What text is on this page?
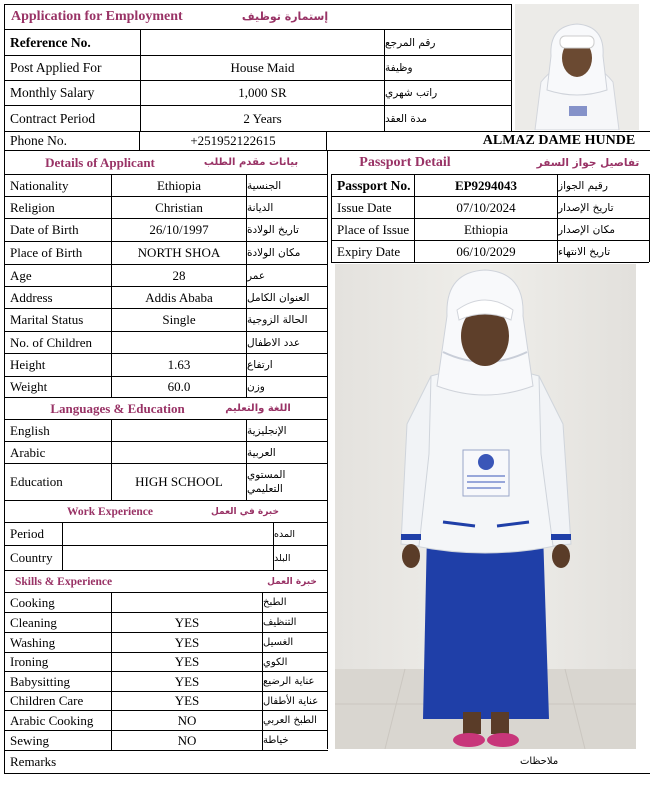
Application for Employment	إستمارة توظيف
Reference No.	رقم المرجع
Post Applied For	House Maid	وظيفة
Monthly Salary	1,000 SR	راتب شهري
Contract Period	2 Years	مدة العقد
Phone No.	+251952122615	ALMAZ DAME HUNDE
Details of Applicant	بيانات مقدم الطلب
Nationality	Ethiopia	الجنسية
Religion	Christian	الديانة
Date of Birth	26/10/1997	تاريخ الولادة
Place of Birth	NORTH SHOA	مكان الولادة
Age	28	عمر
Address	Addis Ababa	العنوان الكامل
Marital Status	Single	الحالة الزوجية
No. of Children	عدد الاطفال
Height	1.63	ارتفاع
Weight	60.0	وزن
Languages & Education	اللغة والتعليم
English	الإنجليزية
Arabic	العربية
Education	HIGH SCHOOL	المستوي
التعليمي
Work Experience	خبرة في العمل
Period	المده
Country	البلد
Skills & Experience	خبرة العمل
Cooking	الطبخ
Cleaning	YES	التنظيف
Washing	YES	الغسيل
Ironing	YES	الكوي
Babysitting	YES	عناية الرضيع
Children Care	YES	عناية الأطفال
Arabic Cooking	NO	الطبخ العربي
Sewing	NO	خياطة
Passport Detail	تفاصيل جواز السفر
Passport No.	EP9294043	رقيم الجواز
Issue Date	07/10/2024	تاريخ الإصدار
Place of Issue	Ethiopia	مكان الإصدار
Expiry Date	06/10/2029	تاريخ الانتهاء
Remarks	ملاحظات
